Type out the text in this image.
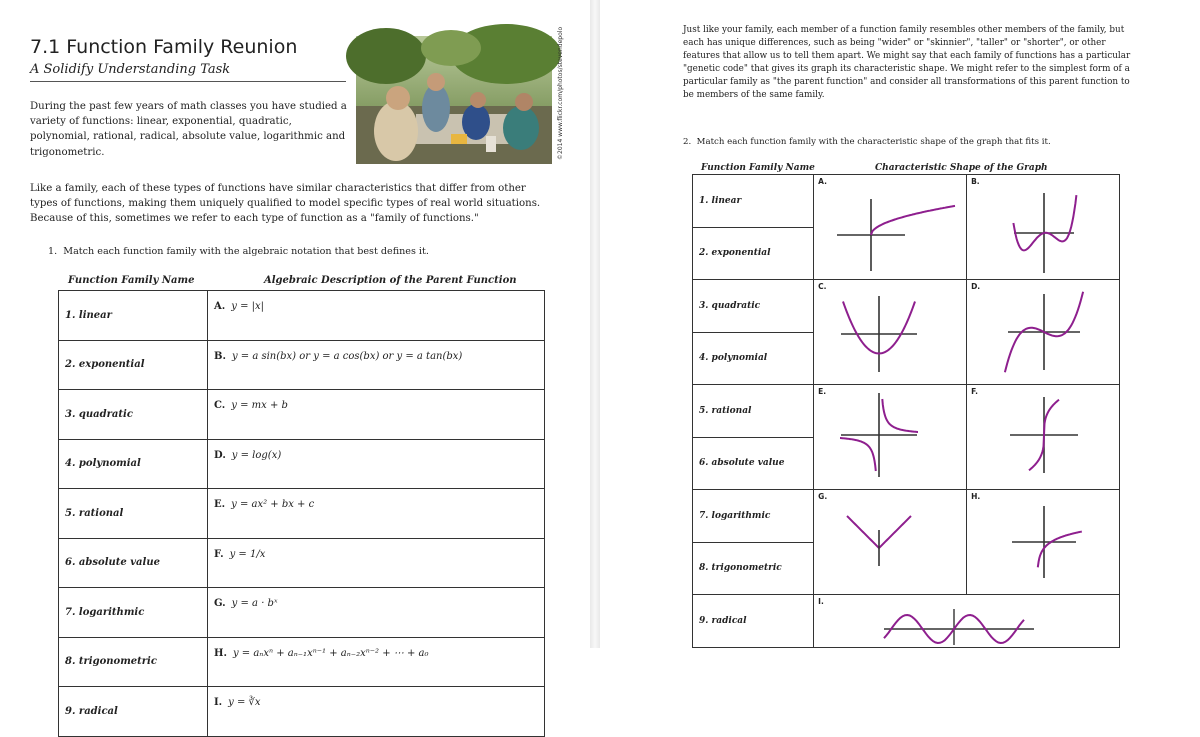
7.1 Function Family Reunion
A Solidify Understanding Task	©2014 www.flickr.com/photos/stevendepolo

During the past few years of math classes you have studied a variety of functions: linear, exponential, quadratic, polynomial, rational, radical, absolute value, logarithmic and trigonometric.

Like a family, each of these types of functions have similar characteristics that differ from other types of functions, making them uniquely qualified to model specific types of real world situations. Because of this, sometimes we refer to each type of function as a "family of functions."

1. Match each function family with the algebraic notation that best defines it.
Function Family Name	Algebraic Description of the Parent Function
1. linear	A. y = |x|
2. exponential	B. y = a sin(bx) or y = a cos(bx) or y = a tan(bx)
3. quadratic	C. y = mx + b
4. polynomial	D. y = log(x)
5. rational	E. y = ax² + bx + c
6. absolute value	F. y = 1/x
7. logarithmic	G. y = a · bˣ
8. trigonometric	H. y = aₙxⁿ + aₙ₋₁xⁿ⁻¹ + aₙ₋₂xⁿ⁻² + ⋯ + a₀
9. radical	I. y = ∛x

Just like your family, each member of a function family resembles other members of the family, but each has unique differences, such as being "wider" or "skinnier", "taller" or "shorter", or other features that allow us to tell them apart. We might say that each family of functions has a particular "genetic code" that gives its graph its characteristic shape. We might refer to the simplest form of a particular family as "the parent function" and consider all transformations of this parent function to be members of the same family.

2. Match each function family with the characteristic shape of the graph that fits it.
Function Family Name	Characteristic Shape of the Graph
1. linear	A.	B.

2. exponential		
3. quadratic	C.	D.

4. polynomial		
5. rational	E.	F.

6. absolute value		
7. logarithmic	G.	H.

8. trigonometric		
9. radical	I.	
